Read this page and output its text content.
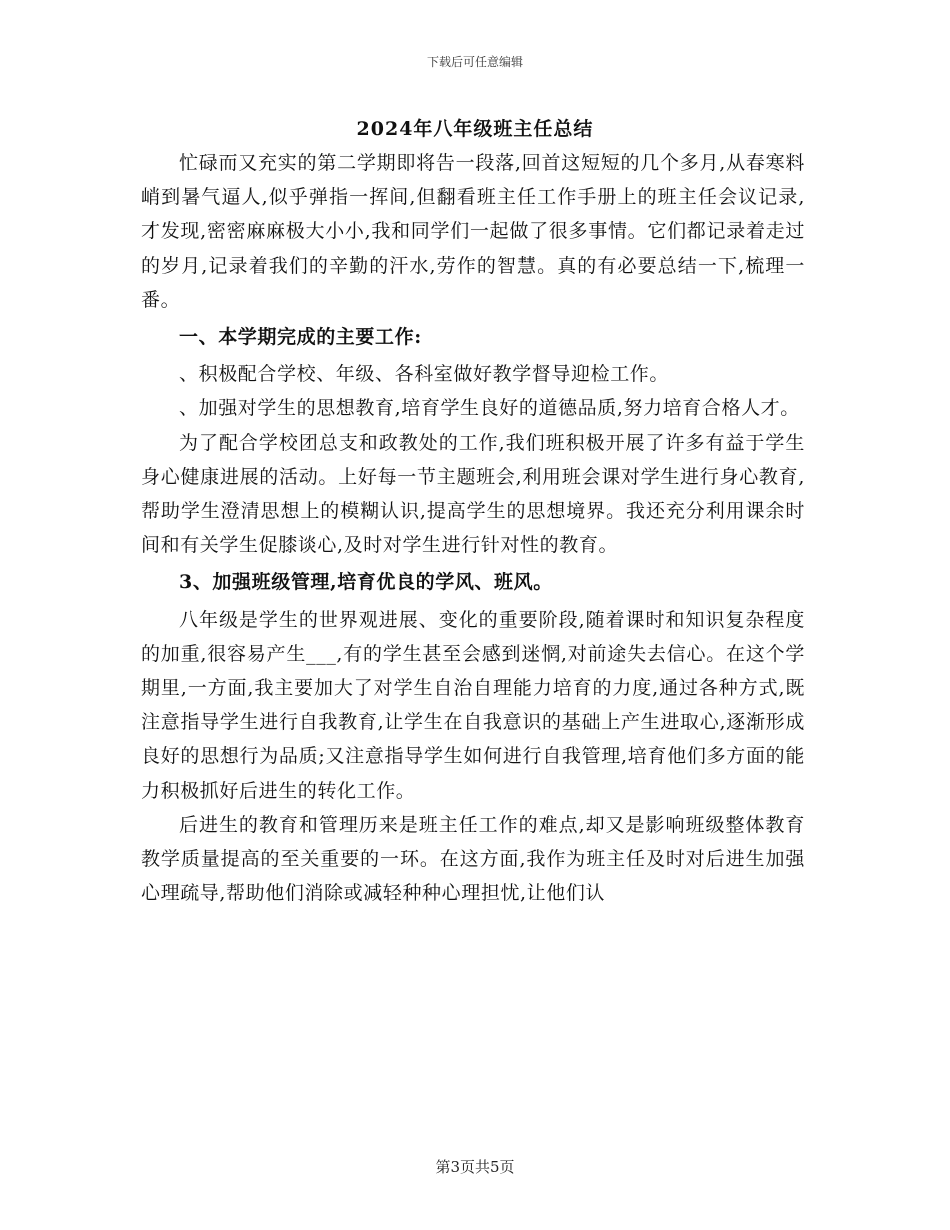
下载后可任意编辑
2024年八年级班主任总结

忙碌而又充实的第二学期即将告一段落,回首这短短的几个多月,从春寒料峭到暑气逼人,似乎弹指一挥间,但翻看班主任工作手册上的班主任会议记录,才发现,密密麻麻极大小小,我和同学们一起做了很多事情。它们都记录着走过的岁月,记录着我们的辛勤的汗水,劳作的智慧。真的有必要总结一下,梳理一番。

一、本学期完成的主要工作:

、积极配合学校、年级、各科室做好教学督导迎检工作。

、加强对学生的思想教育,培育学生良好的道德品质,努力培育合格人才。

为了配合学校团总支和政教处的工作,我们班积极开展了许多有益于学生身心健康进展的活动。上好每一节主题班会,利用班会课对学生进行身心教育,帮助学生澄清思想上的模糊认识,提高学生的思想境界。我还充分利用课余时间和有关学生促膝谈心,及时对学生进行针对性的教育。

3、加强班级管理,培育优良的学风、班风。

八年级是学生的世界观进展、变化的重要阶段,随着课时和知识复杂程度的加重,很容易产生___,有的学生甚至会感到迷惘,对前途失去信心。在这个学期里,一方面,我主要加大了对学生自治自理能力培育的力度,通过各种方式,既注意指导学生进行自我教育,让学生在自我意识的基础上产生进取心,逐渐形成良好的思想行为品质;又注意指导学生如何进行自我管理,培育他们多方面的能力积极抓好后进生的转化工作。

后进生的教育和管理历来是班主任工作的难点,却又是影响班级整体教育教学质量提高的至关重要的一环。在这方面,我作为班主任及时对后进生加强心理疏导,帮助他们消除或减轻种种心理担忧,让他们认

第3页共5页
